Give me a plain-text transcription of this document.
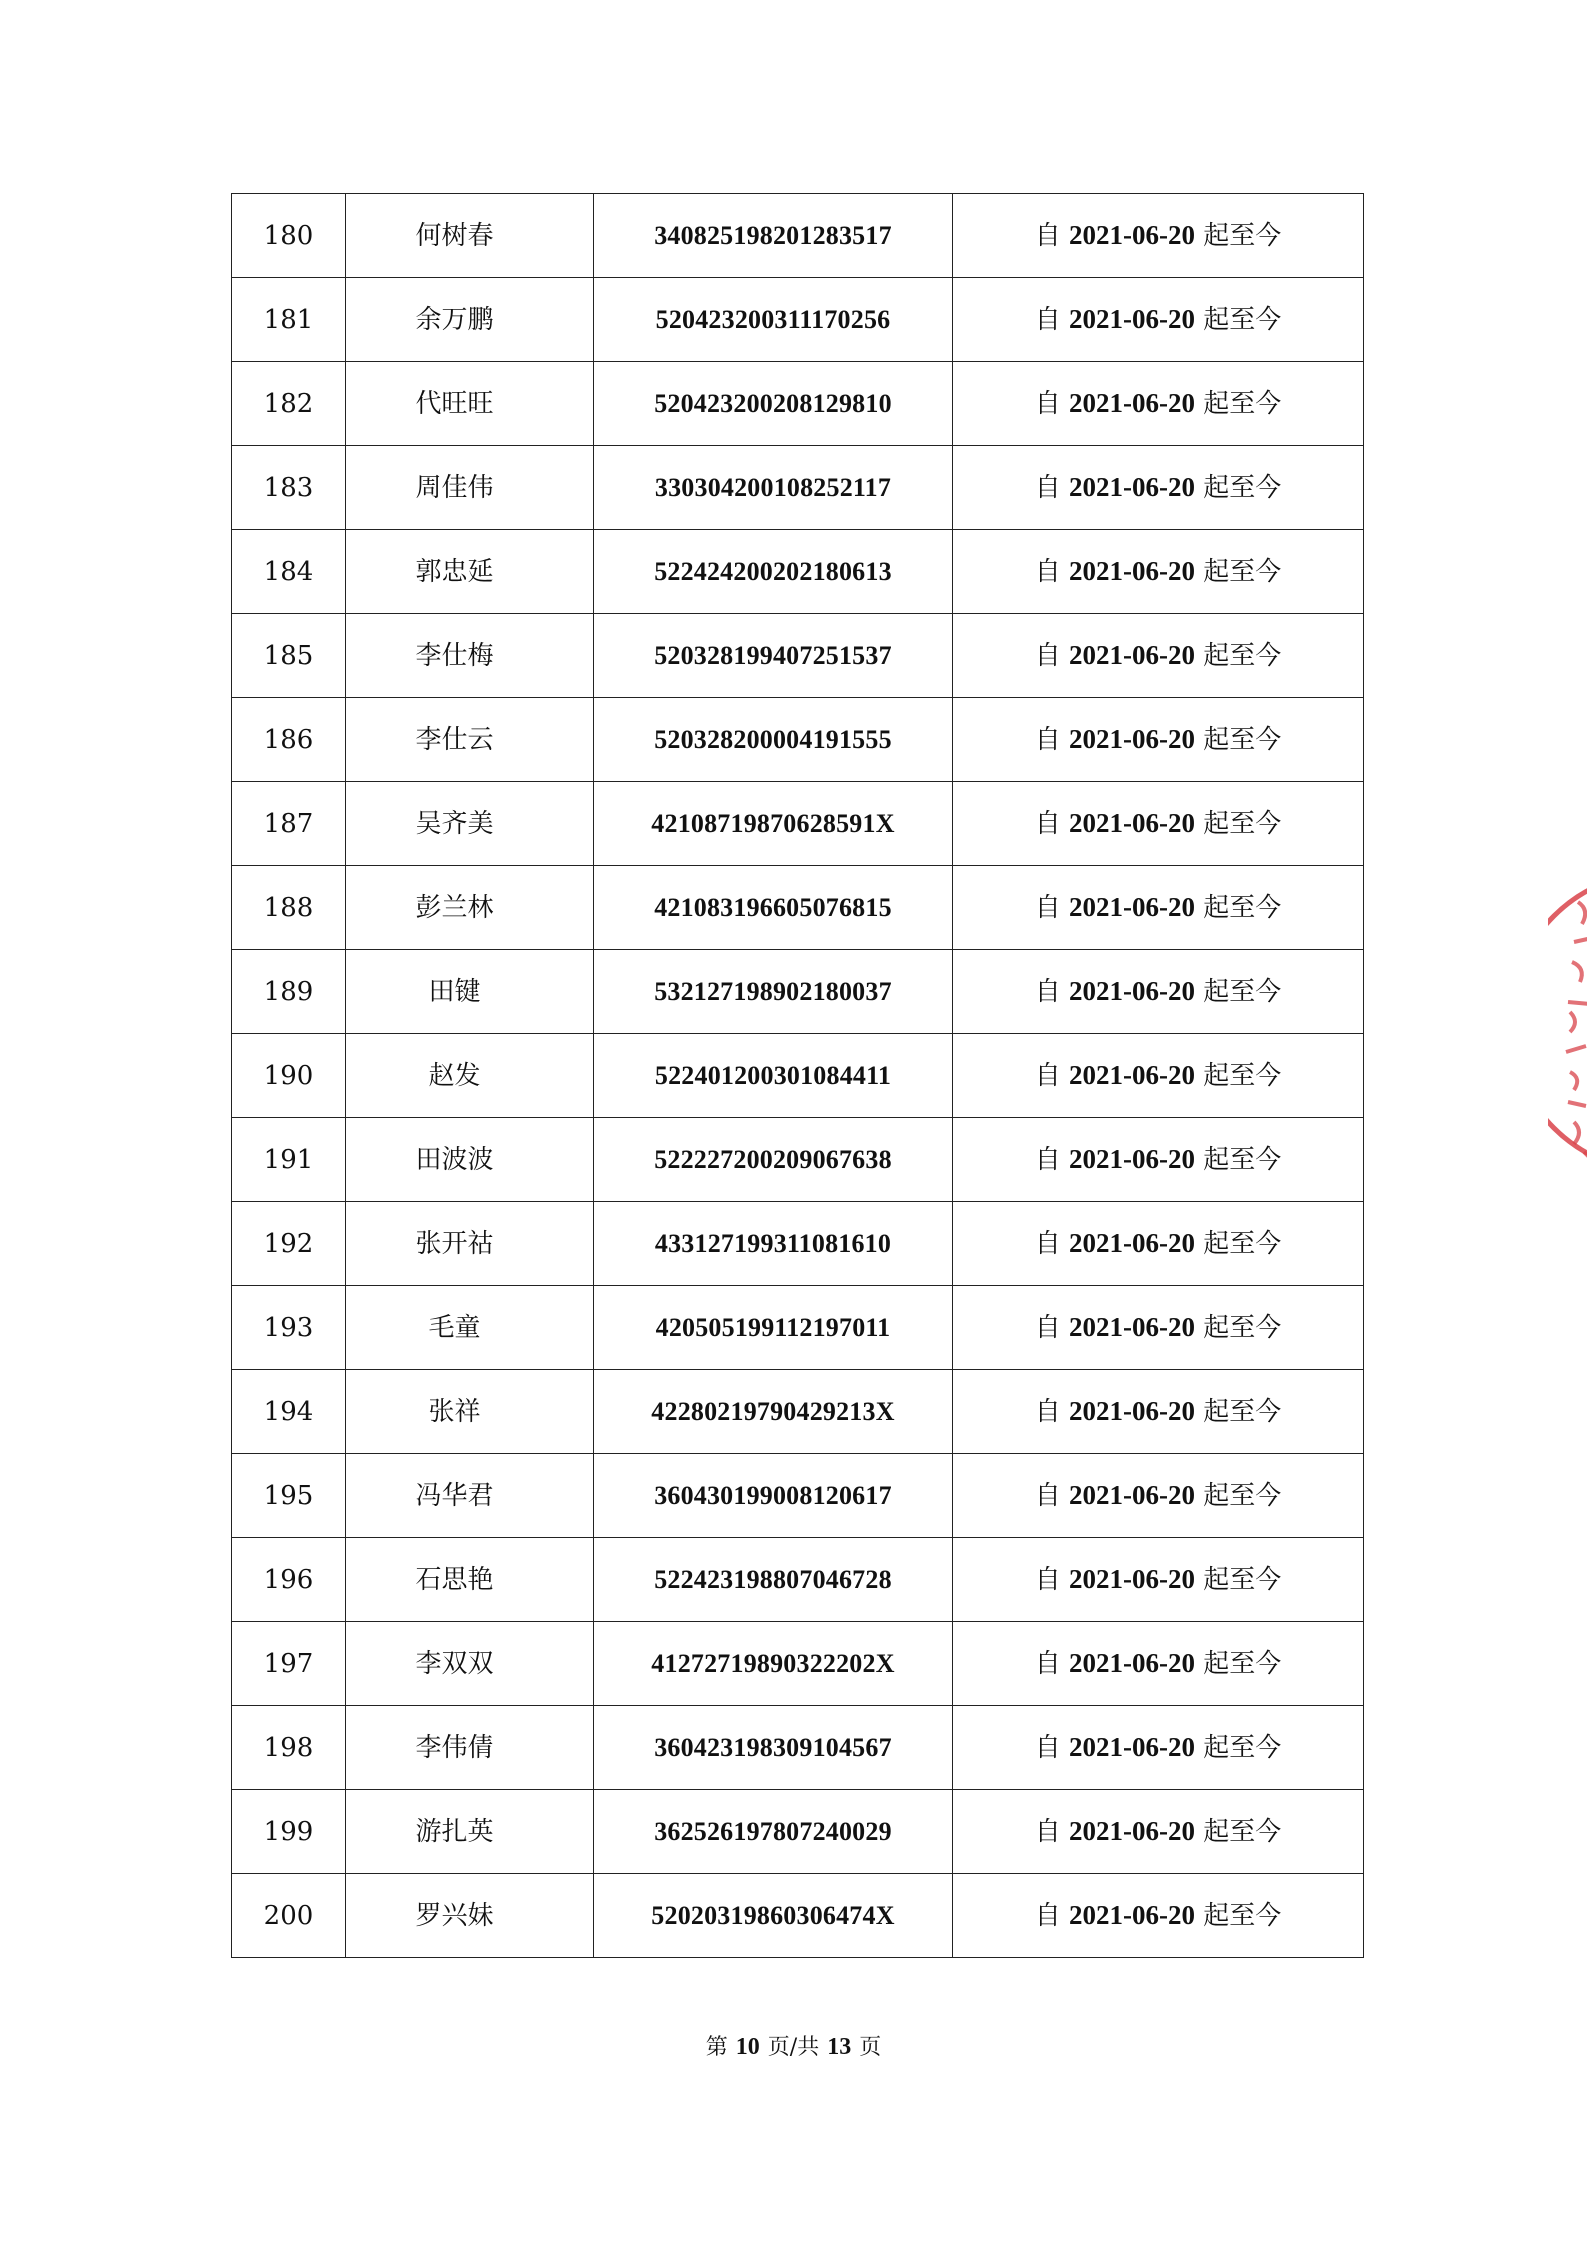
180	何树春	340825198201283517	自 2021-06-20 起至今
181	余万鹏	520423200311170256	自 2021-06-20 起至今
182	代旺旺	520423200208129810	自 2021-06-20 起至今
183	周佳伟	330304200108252117	自 2021-06-20 起至今
184	郭忠延	522424200202180613	自 2021-06-20 起至今
185	李仕梅	520328199407251537	自 2021-06-20 起至今
186	李仕云	520328200004191555	自 2021-06-20 起至今
187	吴齐美	42108719870628591X	自 2021-06-20 起至今
188	彭兰林	421083196605076815	自 2021-06-20 起至今
189	田键	532127198902180037	自 2021-06-20 起至今
190	赵发	522401200301084411	自 2021-06-20 起至今
191	田波波	522227200209067638	自 2021-06-20 起至今
192	张开祜	433127199311081610	自 2021-06-20 起至今
193	毛童	420505199112197011	自 2021-06-20 起至今
194	张祥	42280219790429213X	自 2021-06-20 起至今
195	冯华君	360430199008120617	自 2021-06-20 起至今
196	石思艳	522423198807046728	自 2021-06-20 起至今
197	李双双	41272719890322202X	自 2021-06-20 起至今
198	李伟倩	360423198309104567	自 2021-06-20 起至今
199	游扎英	362526197807240029	自 2021-06-20 起至今
200	罗兴妹	52020319860306474X	自 2021-06-20 起至今
第 10 页/共 13 页
